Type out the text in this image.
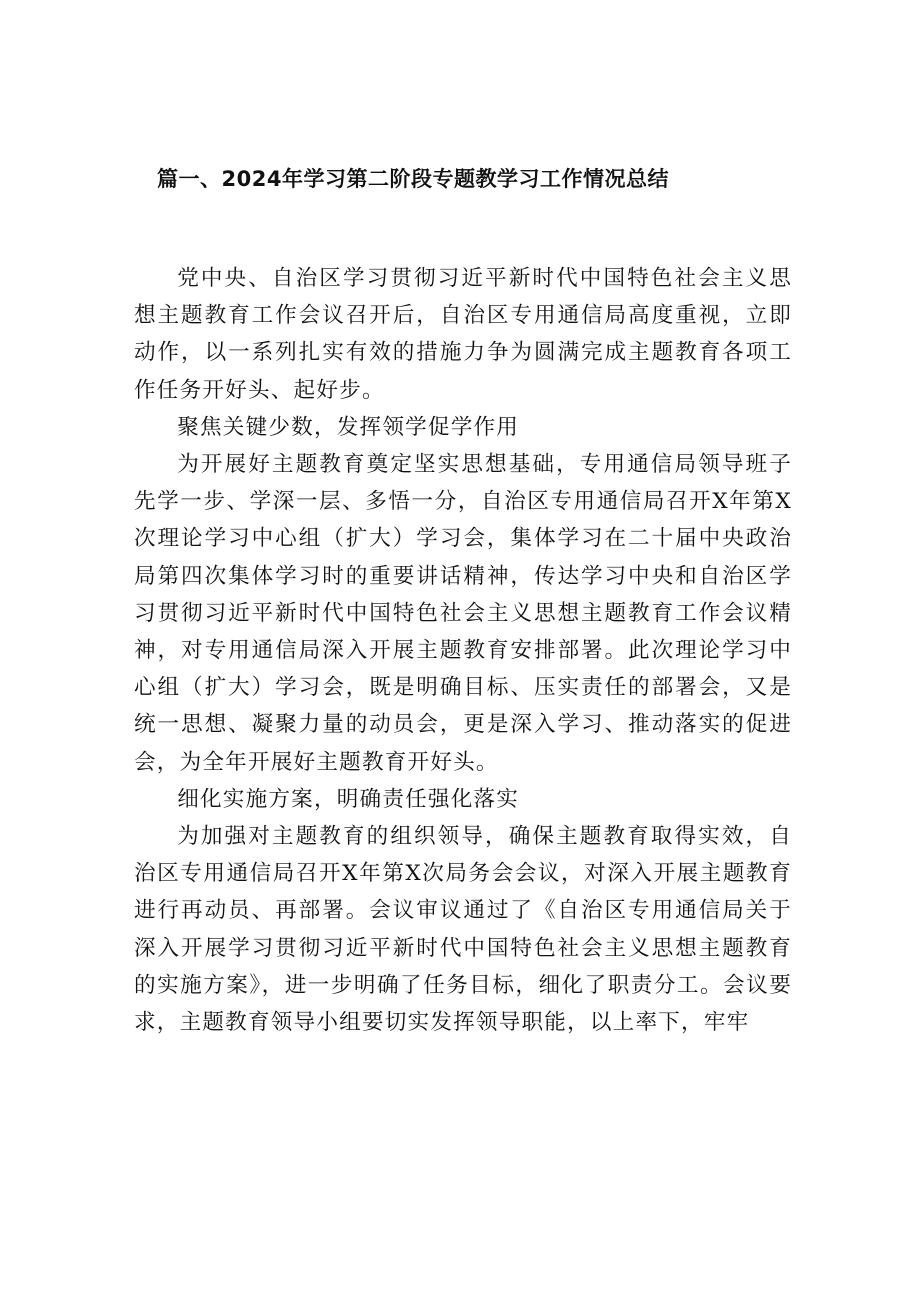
篇一、2024年学习第二阶段专题教学习工作情况总结

党中央、自治区学习贯彻习近平新时代中国特色社会主义思想主题教育工作会议召开后，自治区专用通信局高度重视，立即动作，以一系列扎实有效的措施力争为圆满完成主题教育各项工作任务开好头、起好步。

聚焦关键少数，发挥领学促学作用

为开展好主题教育奠定坚实思想基础，专用通信局领导班子先学一步、学深一层、多悟一分，自治区专用通信局召开X年第X次理论学习中心组（扩大）学习会，集体学习在二十届中央政治局第四次集体学习时的重要讲话精神，传达学习中央和自治区学习贯彻习近平新时代中国特色社会主义思想主题教育工作会议精神，对专用通信局深入开展主题教育安排部署。此次理论学习中心组（扩大）学习会，既是明确目标、压实责任的部署会，又是统一思想、凝聚力量的动员会，更是深入学习、推动落实的促进会，为全年开展好主题教育开好头。

细化实施方案，明确责任强化落实

为加强对主题教育的组织领导，确保主题教育取得实效，自治区专用通信局召开X年第X次局务会会议，对深入开展主题教育进行再动员、再部署。会议审议通过了《自治区专用通信局关于深入开展学习贯彻习近平新时代中国特色社会主义思想主题教育的实施方案》，进一步明确了任务目标，细化了职责分工。会议要求，主题教育领导小组要切实发挥领导职能，以上率下，牢牢
